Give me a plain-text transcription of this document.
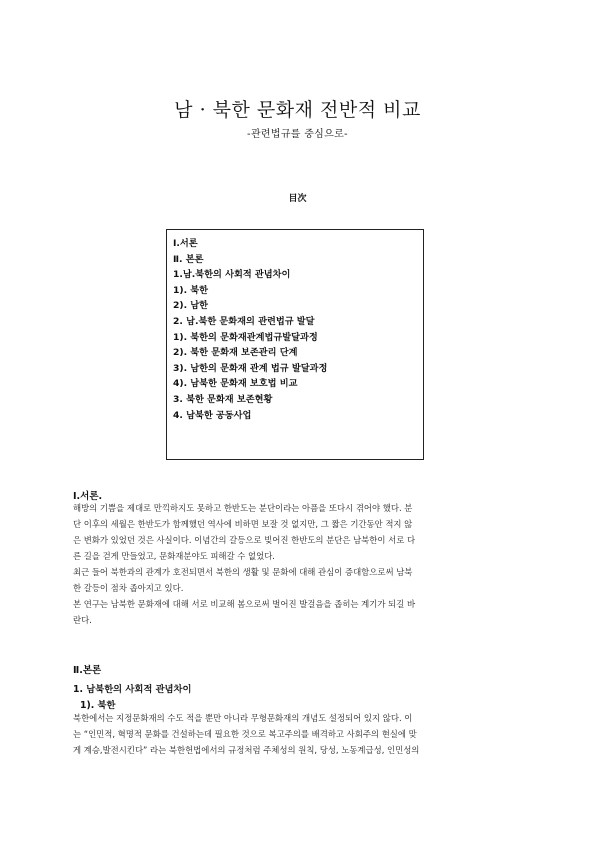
남 · 북한 문화재 전반적 비교
-관련법규를 중심으로-
目次
Ⅰ.서론
Ⅱ. 본론
1.남.북한의 사회적 관념차이
1). 북한
2). 남한
2. 남.북한 문화재의 관련법규 발달
1). 북한의 문화재관계법규발달과정
2). 북한 문화재 보존관리 단계
3). 남한의 문화재 관계 법규 발달과정
4). 남북한 문화재 보호법 비교
3. 북한 문화재 보존현황
4. 남북한 공동사업
Ⅰ.서론.
해방의 기쁨을 제대로 만끽하지도 못하고 한반도는 분단이라는 아픔을 또다시 겪어야 했다. 분
단 이후의 세월은 한반도가 함께했던 역사에 비하면 보잘 것 없지만, 그 짧은 기간동안 적지 않
은 변화가 있었던 것은 사실이다. 이념간의 갈등으로 빚어진 한반도의 분단은 남북한이 서로 다
른 길을 걷게 만들었고, 문화재분야도 피해갈 수 없었다.
최근 들어 북한과의 관계가 호전되면서 북한의 생활 및 문화에 대해 관심이 증대함으로써 남북
한 갈등이 점차 좁아지고 있다.
본 연구는 남북한 문화재에 대해 서로 비교해 봄으로써 벌어진 발걸음을 좁히는 계기가 되길 바
란다.
Ⅱ.본론
1. 남북한의 사회적 관념차이
1). 북한
북한에서는 지정문화재의 수도 적을 뿐만 아니라 무형문화재의 개념도 설정되어 있지 않다. 이
는 “인민적, 혁명적 문화를 건설하는데 필요한 것으로 복고주의를 배격하고 사회주의 현실에 맞
게 계승,발전시킨다” 라는 북한헌법에서의 규정처럼 주체성의 원칙, 당성, 노동계급성, 인민성의
